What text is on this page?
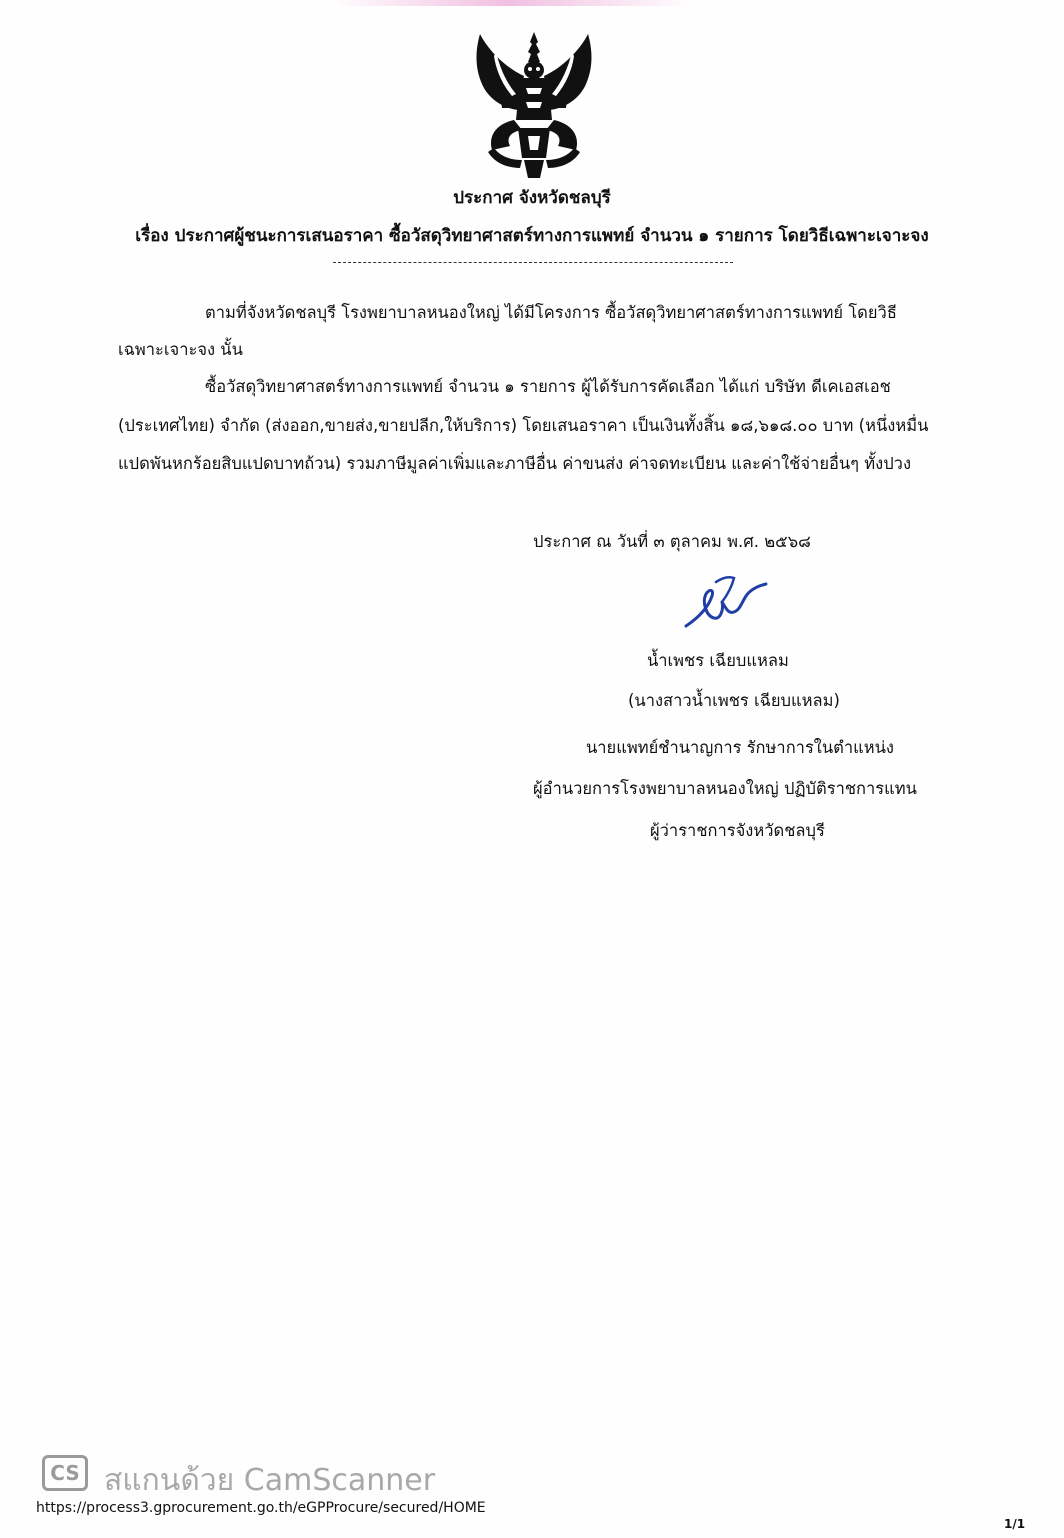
ประกาศ จังหวัดชลบุรี
เรื่อง ประกาศผู้ชนะการเสนอราคา ซื้อวัสดุวิทยาศาสตร์ทางการแพทย์ จำนวน ๑ รายการ โดยวิธีเฉพาะเจาะจง
ตามที่จังหวัดชลบุรี โรงพยาบาลหนองใหญ่ ได้มีโครงการ ซื้อวัสดุวิทยาศาสตร์ทางการแพทย์ โดยวิธี
เฉพาะเจาะจง นั้น
ซื้อวัสดุวิทยาศาสตร์ทางการแพทย์ จำนวน ๑ รายการ ผู้ได้รับการคัดเลือก ได้แก่ บริษัท ดีเคเอสเอช
(ประเทศไทย) จำกัด (ส่งออก,ขายส่ง,ขายปลีก,ให้บริการ) โดยเสนอราคา เป็นเงินทั้งสิ้น ๑๘,๖๑๘.๐๐ บาท (หนึ่งหมื่น
แปดพันหกร้อยสิบแปดบาทถ้วน) รวมภาษีมูลค่าเพิ่มและภาษีอื่น ค่าขนส่ง ค่าจดทะเบียน และค่าใช้จ่ายอื่นๆ ทั้งปวง
ประกาศ ณ วันที่ ๓ ตุลาคม พ.ศ. ๒๕๖๘
น้ำเพชร เฉียบแหลม
(นางสาวน้ำเพชร เฉียบแหลม)
นายแพทย์ชำนาญการ รักษาการในตำแหน่ง
ผู้อำนวยการโรงพยาบาลหนองใหญ่ ปฏิบัติราชการแทน
ผู้ว่าราชการจังหวัดชลบุรี
CS สแกนด้วย CamScanner
https://process3.gprocurement.go.th/eGPProcure/secured/HOME
1/1
